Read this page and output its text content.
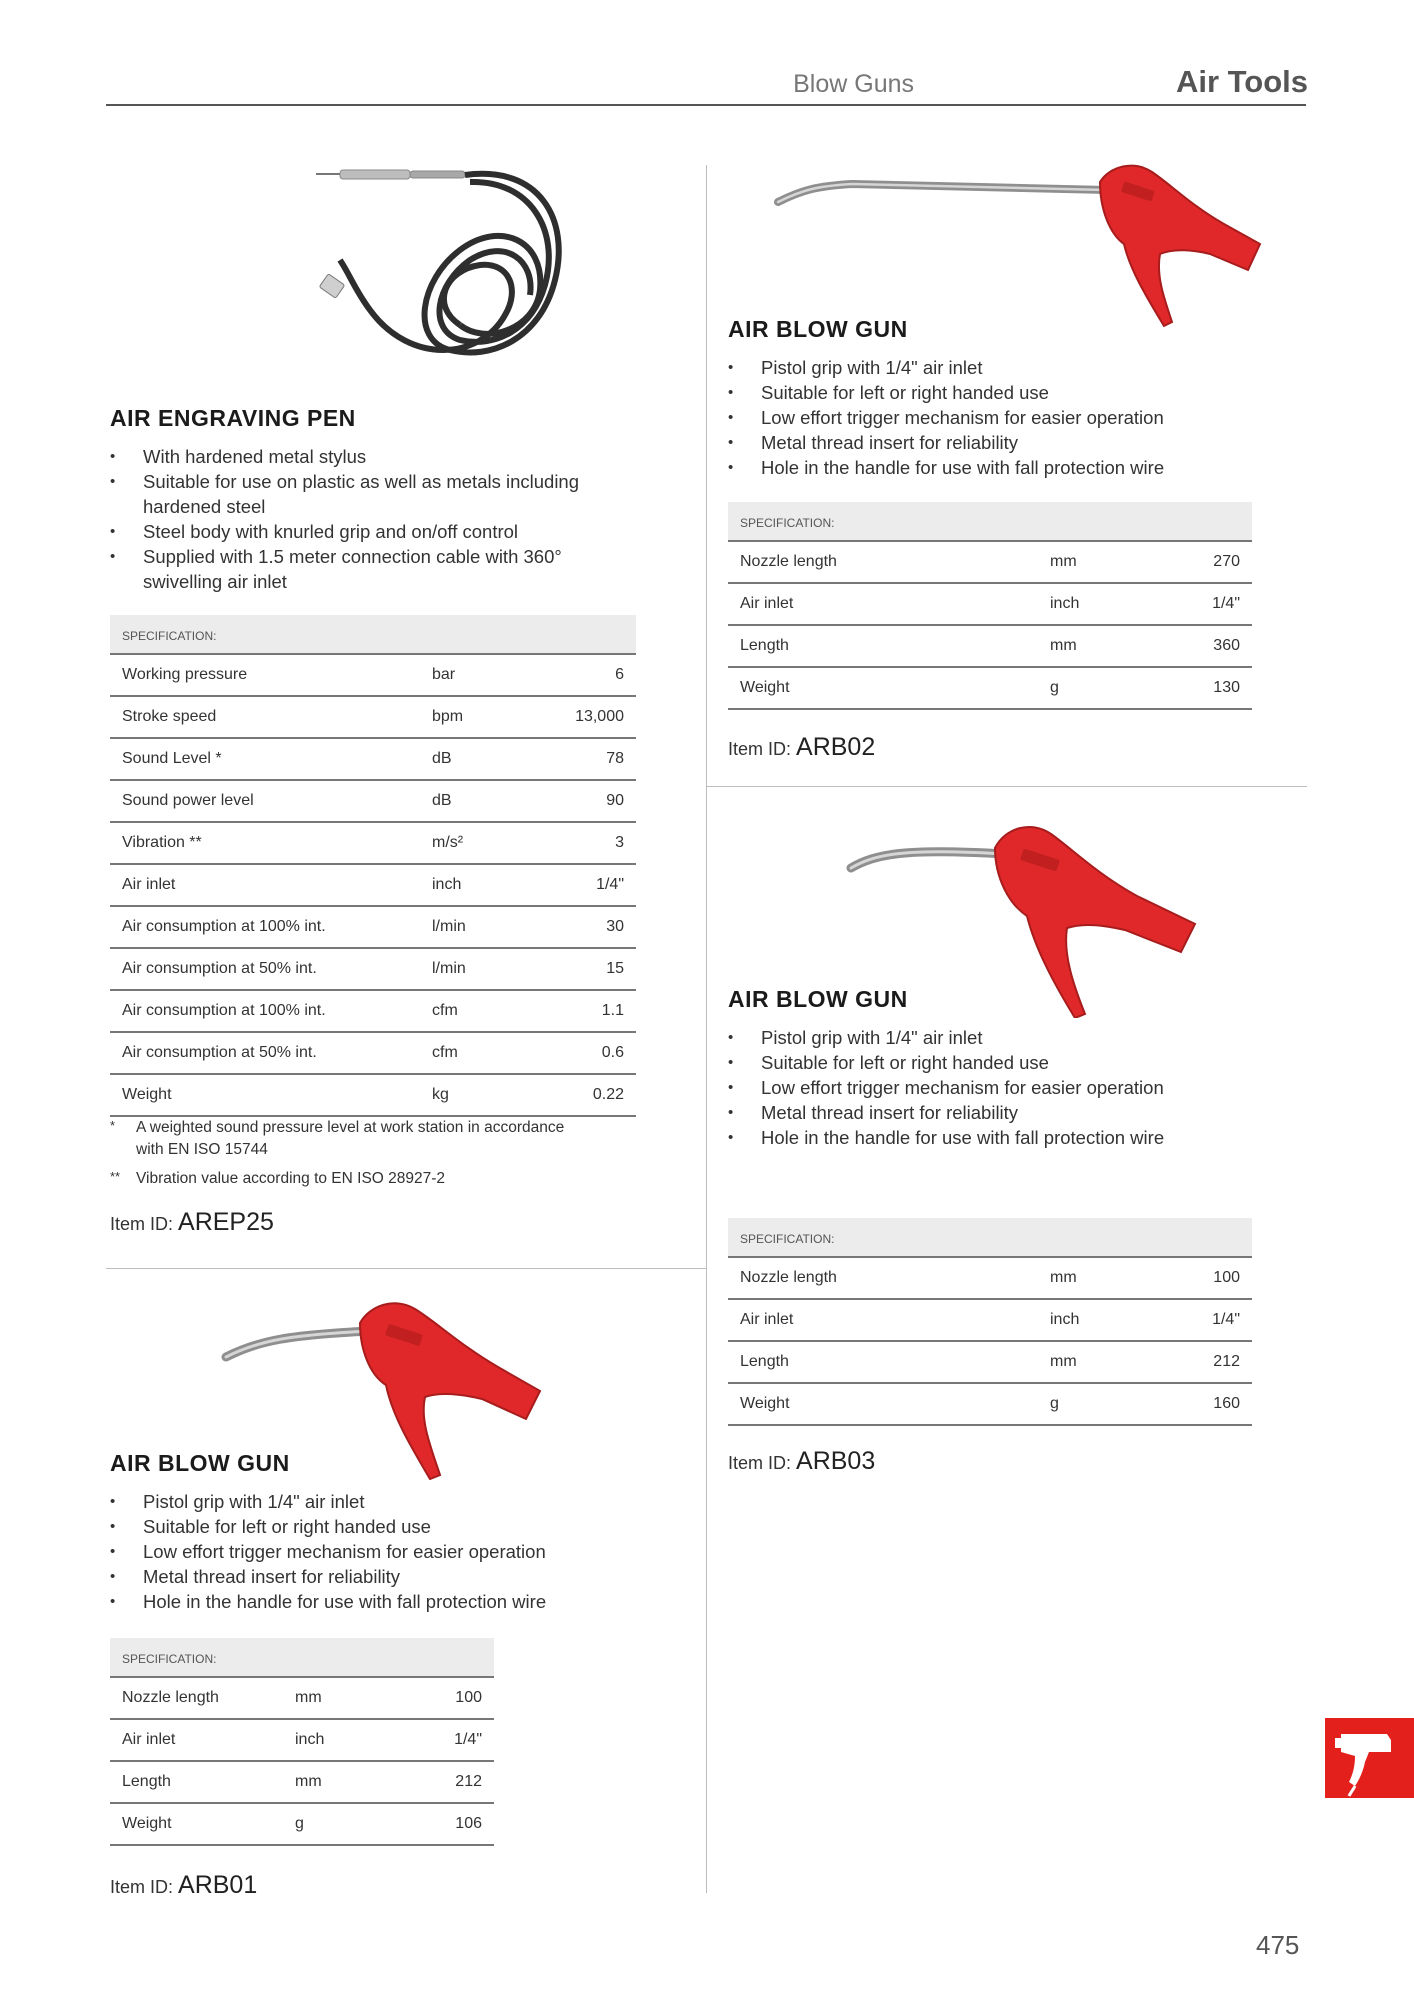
Blow Guns	Air Tools
AIR ENGRAVING PEN
• With hardened metal stylus
• Suitable for use on plastic as well as metals including hardened steel
• Steel body with knurled grip and on/off control
• Supplied with 1.5 meter connection cable with 360° swivelling air inlet
SPECIFICATION:
Working pressure	bar	6
Stroke speed	bpm	13,000
Sound Level *	dB	78
Sound power level	dB	90
Vibration **	m/s²	3
Air inlet	inch	1/4"
Air consumption at 100% int.	l/min	30
Air consumption at 50% int.	l/min	15
Air consumption at 100% int.	cfm	1.1
Air consumption at 50% int.	cfm	0.6
Weight	kg	0.22
* A weighted sound pressure level at work station in accordance with EN ISO 15744
** Vibration value according to EN ISO 28927-2
Item ID: AREP25
AIR BLOW GUN
• Pistol grip with 1/4" air inlet
• Suitable for left or right handed use
• Low effort trigger mechanism for easier operation
• Metal thread insert for reliability
• Hole in the handle for use with fall protection wire
SPECIFICATION:
Nozzle length	mm	100
Air inlet	inch	1/4"
Length	mm	212
Weight	g	106
Item ID: ARB01
AIR BLOW GUN
• Pistol grip with 1/4" air inlet
• Suitable for left or right handed use
• Low effort trigger mechanism for easier operation
• Metal thread insert for reliability
• Hole in the handle for use with fall protection wire
SPECIFICATION:
Nozzle length	mm	270
Air inlet	inch	1/4"
Length	mm	360
Weight	g	130
Item ID: ARB02
AIR BLOW GUN
• Pistol grip with 1/4" air inlet
• Suitable for left or right handed use
• Low effort trigger mechanism for easier operation
• Metal thread insert for reliability
• Hole in the handle for use with fall protection wire
SPECIFICATION:
Nozzle length	mm	100
Air inlet	inch	1/4"
Length	mm	212
Weight	g	160
Item ID: ARB03
475
